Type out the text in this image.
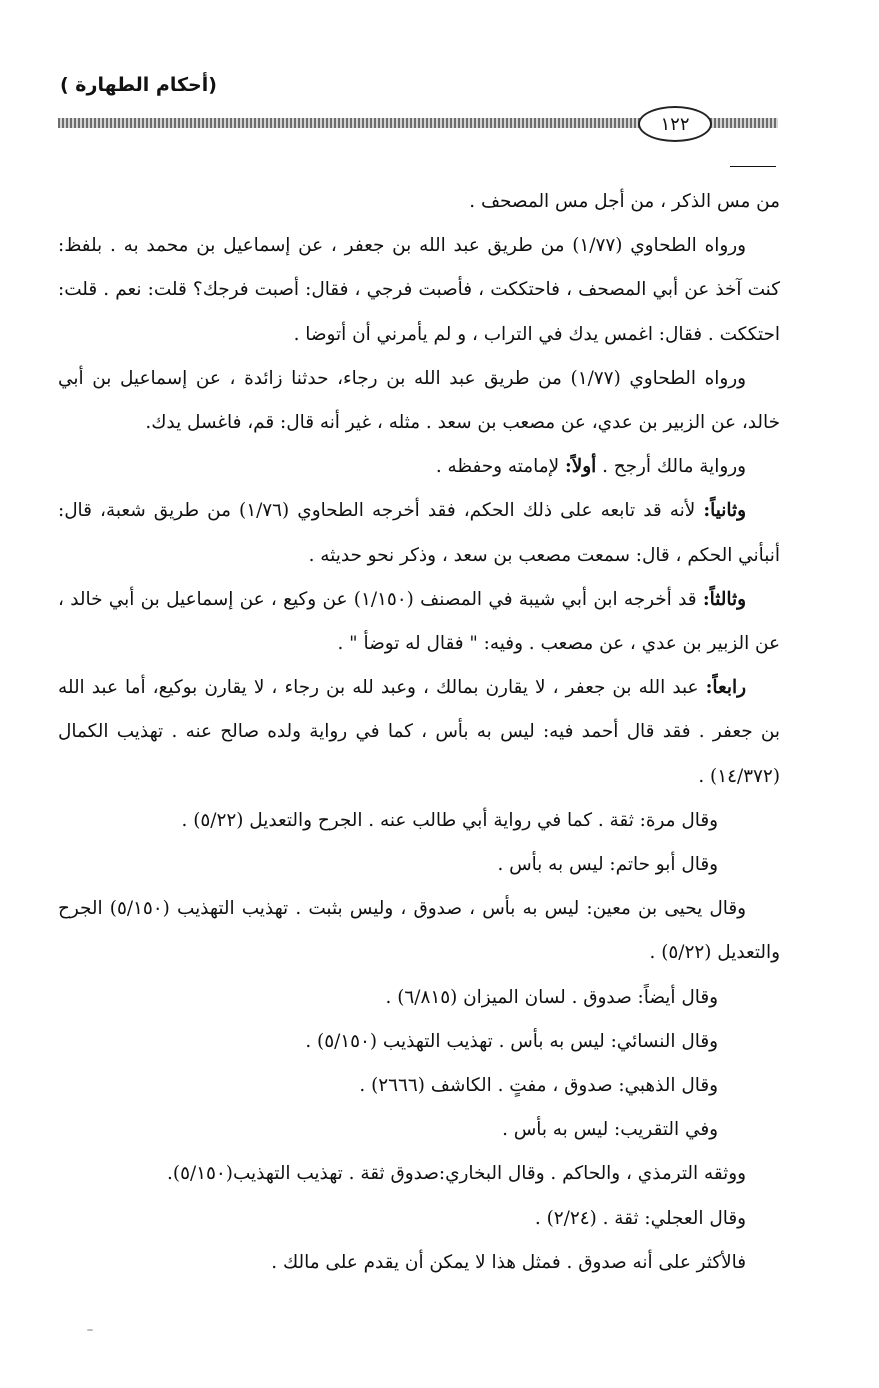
(أحكام الطهارة )
١٢٢

من مس الذكر ، من أجل مس المصحف .

ورواه الطحاوي (١/٧٧) من طريق عبد الله بن جعفر ، عن إسماعيل بن محمد به . بلفظ: كنت آخذ عن أبي المصحف ، فاحتككت ، فأصبت فرجي ، فقال: أصبت فرجك؟ قلت: نعم . قلت: احتككت . فقال: اغمس يدك في التراب ، و لم يأمرني أن أتوضا .

ورواه الطحاوي (١/٧٧) من طريق عبد الله بن رجاء، حدثنا زائدة ، عن إسماعيل بن أبي خالد، عن الزبير بن عدي، عن مصعب بن سعد . مثله ، غير أنه قال: قم، فاغسل يدك.

ورواية مالك أرجح . أولاً: لإمامته وحفظه .

وثانياً: لأنه قد تابعه على ذلك الحكم، فقد أخرجه الطحاوي (١/٧٦) من طريق شعبة، قال: أنبأني الحكم ، قال: سمعت مصعب بن سعد ، وذكر نحو حديثه .

وثالثاً: قد أخرجه ابن أبي شيبة في المصنف (١/١٥٠) عن وكيع ، عن إسماعيل بن أبي خالد ، عن الزبير بن عدي ، عن مصعب . وفيه: " فقال له توضأ " .

رابعاً: عبد الله بن جعفر ، لا يقارن بمالك ، وعبد لله بن رجاء ، لا يقارن بوكيع، أما عبد الله بن جعفر . فقد قال أحمد فيه: ليس به بأس ، كما في رواية ولده صالح عنه . تهذيب الكمال (١٤/٣٧٢) .

وقال مرة: ثقة . كما في رواية أبي طالب عنه . الجرح والتعديل (٥/٢٢) .

وقال أبو حاتم: ليس به بأس .

وقال يحيى بن معين: ليس به بأس ، صدوق ، وليس بثبت . تهذيب التهذيب (٥/١٥٠) الجرح والتعديل (٥/٢٢) .

وقال أيضاً: صدوق . لسان الميزان (٦/٨١٥) .

وقال النسائي: ليس به بأس . تهذيب التهذيب (٥/١٥٠) .

وقال الذهبي: صدوق ، مفتٍ . الكاشف (٢٦٦٦) .

وفي التقريب: ليس به بأس .

ووثقه الترمذي ، والحاكم . وقال البخاري:صدوق ثقة . تهذيب التهذيب(٥/١٥٠).

وقال العجلي: ثقة . (٢/٢٤) .

فالأكثر على أنه صدوق . فمثل هذا لا يمكن أن يقدم على مالك .
